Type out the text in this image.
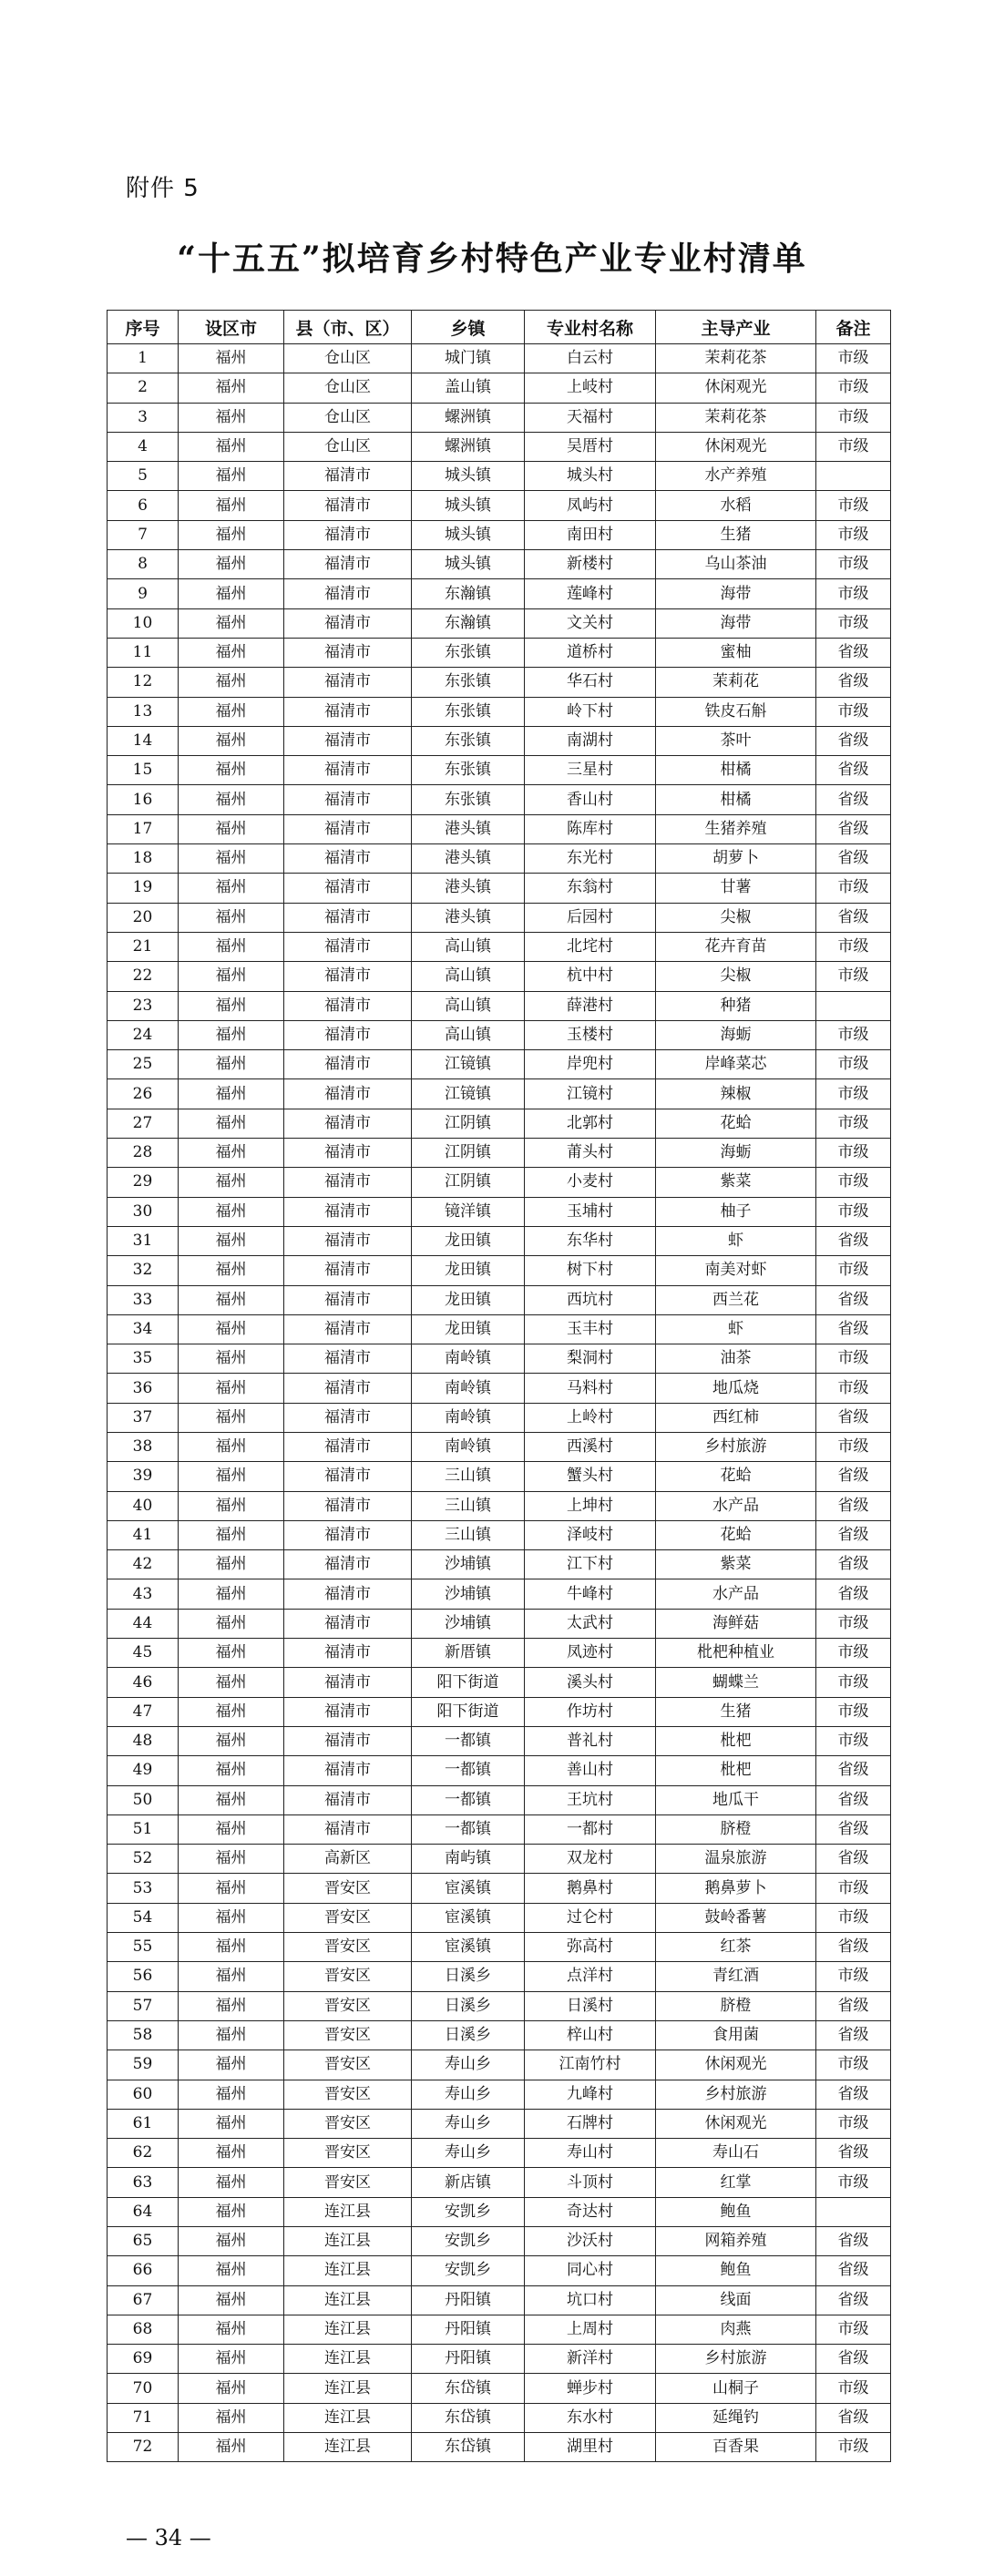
附件 5
“十五五”拟培育乡村特色产业专业村清单
序号	设区市	县（市、区）	乡镇	专业村名称	主导产业	备注
1	福州	仓山区	城门镇	白云村	茉莉花茶	市级
2	福州	仓山区	盖山镇	上岐村	休闲观光	市级
3	福州	仓山区	螺洲镇	天福村	茉莉花茶	市级
4	福州	仓山区	螺洲镇	吴厝村	休闲观光	市级
5	福州	福清市	城头镇	城头村	水产养殖	
6	福州	福清市	城头镇	凤屿村	水稻	市级
7	福州	福清市	城头镇	南田村	生猪	市级
8	福州	福清市	城头镇	新楼村	乌山茶油	市级
9	福州	福清市	东瀚镇	莲峰村	海带	市级
10	福州	福清市	东瀚镇	文关村	海带	市级
11	福州	福清市	东张镇	道桥村	蜜柚	省级
12	福州	福清市	东张镇	华石村	茉莉花	省级
13	福州	福清市	东张镇	岭下村	铁皮石斛	市级
14	福州	福清市	东张镇	南湖村	茶叶	省级
15	福州	福清市	东张镇	三星村	柑橘	省级
16	福州	福清市	东张镇	香山村	柑橘	省级
17	福州	福清市	港头镇	陈库村	生猪养殖	省级
18	福州	福清市	港头镇	东光村	胡萝卜	省级
19	福州	福清市	港头镇	东翁村	甘薯	市级
20	福州	福清市	港头镇	后园村	尖椒	省级
21	福州	福清市	高山镇	北垞村	花卉育苗	市级
22	福州	福清市	高山镇	杭中村	尖椒	市级
23	福州	福清市	高山镇	薛港村	种猪	
24	福州	福清市	高山镇	玉楼村	海蛎	市级
25	福州	福清市	江镜镇	岸兜村	岸峰菜芯	市级
26	福州	福清市	江镜镇	江镜村	辣椒	市级
27	福州	福清市	江阴镇	北郭村	花蛤	市级
28	福州	福清市	江阴镇	莆头村	海蛎	市级
29	福州	福清市	江阴镇	小麦村	紫菜	市级
30	福州	福清市	镜洋镇	玉埔村	柚子	市级
31	福州	福清市	龙田镇	东华村	虾	省级
32	福州	福清市	龙田镇	树下村	南美对虾	市级
33	福州	福清市	龙田镇	西坑村	西兰花	省级
34	福州	福清市	龙田镇	玉丰村	虾	省级
35	福州	福清市	南岭镇	梨洞村	油茶	市级
36	福州	福清市	南岭镇	马料村	地瓜烧	市级
37	福州	福清市	南岭镇	上岭村	西红柿	省级
38	福州	福清市	南岭镇	西溪村	乡村旅游	市级
39	福州	福清市	三山镇	蟹头村	花蛤	省级
40	福州	福清市	三山镇	上坤村	水产品	省级
41	福州	福清市	三山镇	泽岐村	花蛤	省级
42	福州	福清市	沙埔镇	江下村	紫菜	省级
43	福州	福清市	沙埔镇	牛峰村	水产品	省级
44	福州	福清市	沙埔镇	太武村	海鲜菇	市级
45	福州	福清市	新厝镇	凤迹村	枇杷种植业	市级
46	福州	福清市	阳下街道	溪头村	蝴蝶兰	市级
47	福州	福清市	阳下街道	作坊村	生猪	市级
48	福州	福清市	一都镇	普礼村	枇杷	市级
49	福州	福清市	一都镇	善山村	枇杷	省级
50	福州	福清市	一都镇	王坑村	地瓜干	省级
51	福州	福清市	一都镇	一都村	脐橙	省级
52	福州	高新区	南屿镇	双龙村	温泉旅游	省级
53	福州	晋安区	宦溪镇	鹅鼻村	鹅鼻萝卜	市级
54	福州	晋安区	宦溪镇	过仑村	鼓岭番薯	市级
55	福州	晋安区	宦溪镇	弥高村	红茶	省级
56	福州	晋安区	日溪乡	点洋村	青红酒	市级
57	福州	晋安区	日溪乡	日溪村	脐橙	省级
58	福州	晋安区	日溪乡	梓山村	食用菌	省级
59	福州	晋安区	寿山乡	江南竹村	休闲观光	市级
60	福州	晋安区	寿山乡	九峰村	乡村旅游	省级
61	福州	晋安区	寿山乡	石牌村	休闲观光	市级
62	福州	晋安区	寿山乡	寿山村	寿山石	省级
63	福州	晋安区	新店镇	斗顶村	红掌	市级
64	福州	连江县	安凯乡	奇达村	鲍鱼	
65	福州	连江县	安凯乡	沙沃村	网箱养殖	省级
66	福州	连江县	安凯乡	同心村	鲍鱼	省级
67	福州	连江县	丹阳镇	坑口村	线面	省级
68	福州	连江县	丹阳镇	上周村	肉燕	市级
69	福州	连江县	丹阳镇	新洋村	乡村旅游	省级
70	福州	连江县	东岱镇	蝉步村	山桐子	市级
71	福州	连江县	东岱镇	东水村	延绳钓	省级
72	福州	连江县	东岱镇	湖里村	百香果	市级
— 34 —
